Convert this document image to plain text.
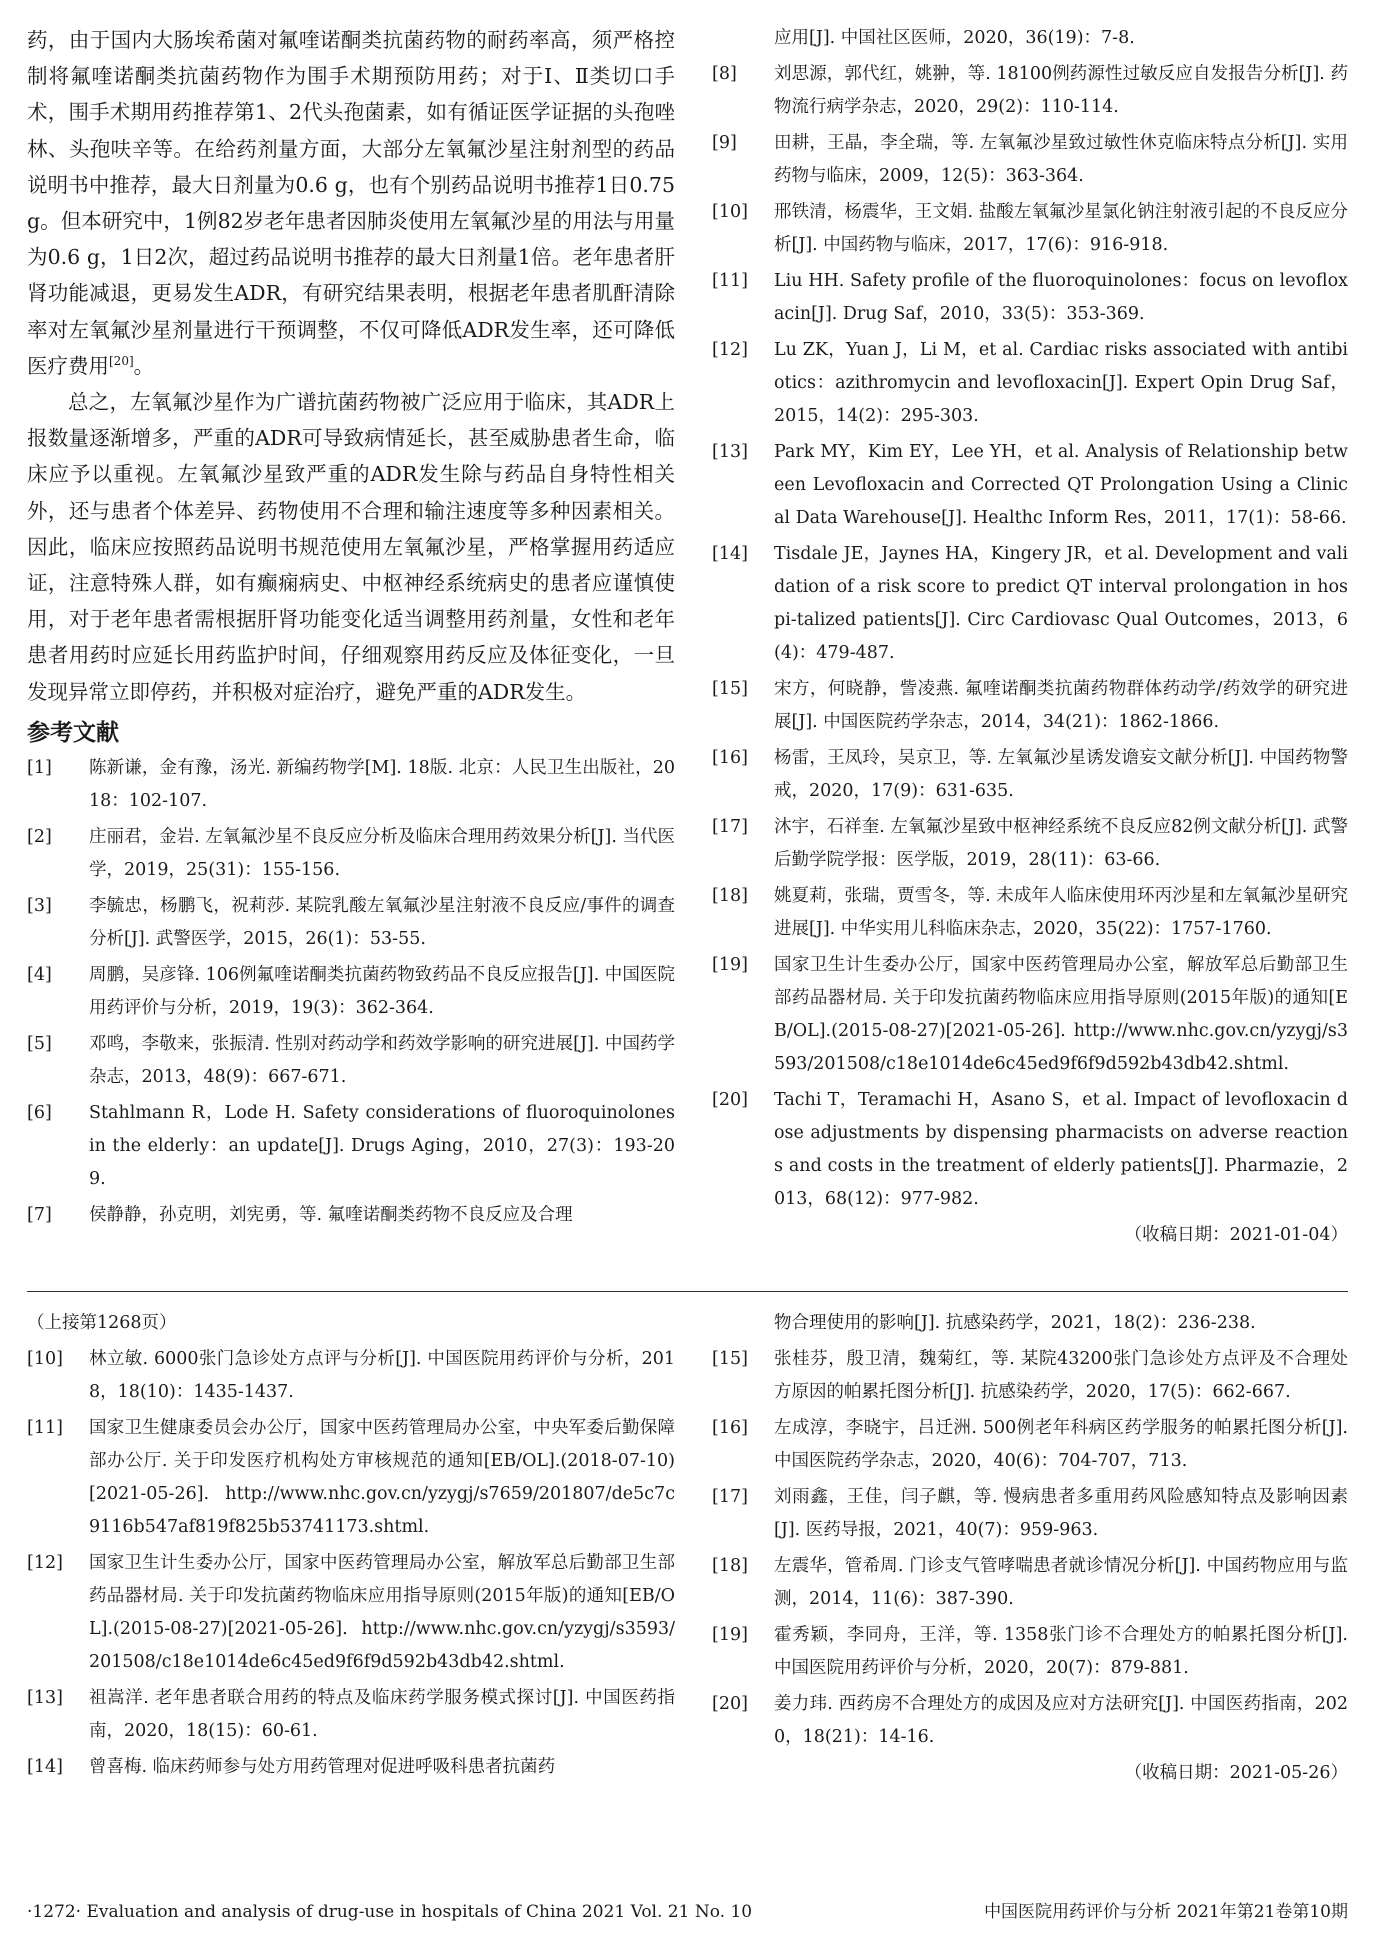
药，由于国内大肠埃希菌对氟喹诺酮类抗菌药物的耐药率高，须严格控制将氟喹诺酮类抗菌药物作为围手术期预防用药；对于Ⅰ、Ⅱ类切口手术，围手术期用药推荐第1、2代头孢菌素，如有循证医学证据的头孢唑林、头孢呋辛等。在给药剂量方面，大部分左氧氟沙星注射剂型的药品说明书中推荐，最大日剂量为0.6 g，也有个别药品说明书推荐1日0.75 g。但本研究中，1例82岁老年患者因肺炎使用左氧氟沙星的用法与用量为0.6 g，1日2次，超过药品说明书推荐的最大日剂量1倍。老年患者肝肾功能减退，更易发生ADR，有研究结果表明，根据老年患者肌酐清除率对左氧氟沙星剂量进行干预调整，不仅可降低ADR发生率，还可降低医疗费用[20]。

总之，左氧氟沙星作为广谱抗菌药物被广泛应用于临床，其ADR上报数量逐渐增多，严重的ADR可导致病情延长，甚至威胁患者生命，临床应予以重视。左氧氟沙星致严重的ADR发生除与药品自身特性相关外，还与患者个体差异、药物使用不合理和输注速度等多种因素相关。因此，临床应按照药品说明书规范使用左氧氟沙星，严格掌握用药适应证，注意特殊人群，如有癫痫病史、中枢神经系统病史的患者应谨慎使用，对于老年患者需根据肝肾功能变化适当调整用药剂量，女性和老年患者用药时应延长用药监护时间，仔细观察用药反应及体征变化，一旦发现异常立即停药，并积极对症治疗，避免严重的ADR发生。

参考文献
[1]	陈新谦，金有豫，汤光. 新编药物学[M]. 18版. 北京：人民卫生出版社，2018：102-107.
[2]	庄丽君，金岩. 左氧氟沙星不良反应分析及临床合理用药效果分析[J]. 当代医学，2019，25(31)：155-156.
[3]	李毓忠，杨鹏飞，祝莉莎. 某院乳酸左氧氟沙星注射液不良反应/事件的调查分析[J]. 武警医学，2015，26(1)：53-55.
[4]	周鹏，吴彦锋. 106例氟喹诺酮类抗菌药物致药品不良反应报告[J]. 中国医院用药评价与分析，2019，19(3)：362-364.
[5]	邓鸣，李敬来，张振清. 性别对药动学和药效学影响的研究进展[J]. 中国药学杂志，2013，48(9)：667-671.
[6]	Stahlmann R，Lode H. Safety considerations of fluoroquinolones in the elderly：an update[J]. Drugs Aging，2010，27(3)：193-209.
[7]	侯静静，孙克明，刘宪勇，等. 氟喹诺酮类药物不良反应及合理
应用[J]. 中国社区医师，2020，36(19)：7-8.
[8]	刘思源，郭代红，姚翀，等. 18100例药源性过敏反应自发报告分析[J]. 药物流行病学杂志，2020，29(2)：110-114.
[9]	田耕，王晶，李全瑞，等. 左氧氟沙星致过敏性休克临床特点分析[J]. 实用药物与临床，2009，12(5)：363-364.
[10]	邢铁清，杨震华，王文娟. 盐酸左氧氟沙星氯化钠注射液引起的不良反应分析[J]. 中国药物与临床，2017，17(6)：916-918.
[11]	Liu HH. Safety profile of the fluoroquinolones：focus on levofloxacin[J]. Drug Saf，2010，33(5)：353-369.
[12]	Lu ZK，Yuan J，Li M，et al. Cardiac risks associated with antibiotics：azithromycin and levofloxacin[J]. Expert Opin Drug Saf，2015，14(2)：295-303.
[13]	Park MY，Kim EY，Lee YH，et al. Analysis of Relationship between Levofloxacin and Corrected QT Prolongation Using a Clinical Data Warehouse[J]. Healthc Inform Res，2011，17(1)：58-66.
[14]	Tisdale JE，Jaynes HA，Kingery JR，et al. Development and validation of a risk score to predict QT interval prolongation in hospi-talized patients[J]. Circ Cardiovasc Qual Outcomes，2013，6(4)：479-487.
[15]	宋方，何晓静，訾凌燕. 氟喹诺酮类抗菌药物群体药动学/药效学的研究进展[J]. 中国医院药学杂志，2014，34(21)：1862-1866.
[16]	杨雷，王凤玲，吴京卫，等. 左氧氟沙星诱发谵妄文献分析[J]. 中国药物警戒，2020，17(9)：631-635.
[17]	沐宇，石祥奎. 左氧氟沙星致中枢神经系统不良反应82例文献分析[J]. 武警后勤学院学报：医学版，2019，28(11)：63-66.
[18]	姚夏莉，张瑞，贾雪冬，等. 未成年人临床使用环丙沙星和左氧氟沙星研究进展[J]. 中华实用儿科临床杂志，2020，35(22)：1757-1760.
[19]	国家卫生计生委办公厅，国家中医药管理局办公室，解放军总后勤部卫生部药品器材局. 关于印发抗菌药物临床应用指导原则(2015年版)的通知[EB/OL].(2015-08-27)[2021-05-26]. http://www.nhc.gov.cn/yzygj/s3593/201508/c18e1014de6c45ed9f6f9d592b43db42.shtml.
[20]	Tachi T，Teramachi H，Asano S，et al. Impact of levofloxacin dose adjustments by dispensing pharmacists on adverse reactions and costs in the treatment of elderly patients[J]. Pharmazie，2013，68(12)：977-982.
（收稿日期：2021-01-04）
（上接第1268页）
[10]	林立敏. 6000张门急诊处方点评与分析[J]. 中国医院用药评价与分析，2018，18(10)：1435-1437.
[11]	国家卫生健康委员会办公厅，国家中医药管理局办公室，中央军委后勤保障部办公厅. 关于印发医疗机构处方审核规范的通知[EB/OL].(2018-07-10)[2021-05-26]. http://www.nhc.gov.cn/yzygj/s7659/201807/de5c7c9116b547af819f825b53741173.shtml.
[12]	国家卫生计生委办公厅，国家中医药管理局办公室，解放军总后勤部卫生部药品器材局. 关于印发抗菌药物临床应用指导原则(2015年版)的通知[EB/OL].(2015-08-27)[2021-05-26]. http://www.nhc.gov.cn/yzygj/s3593/201508/c18e1014de6c45ed9f6f9d592b43db42.shtml.
[13]	祖嵩洋. 老年患者联合用药的特点及临床药学服务模式探讨[J]. 中国医药指南，2020，18(15)：60-61.
[14]	曾喜梅. 临床药师参与处方用药管理对促进呼吸科患者抗菌药
物合理使用的影响[J]. 抗感染药学，2021，18(2)：236-238.
[15]	张桂芬，殷卫清，魏菊红，等. 某院43200张门急诊处方点评及不合理处方原因的帕累托图分析[J]. 抗感染药学，2020，17(5)：662-667.
[16]	左成淳，李晓宇，吕迁洲. 500例老年科病区药学服务的帕累托图分析[J]. 中国医院药学杂志，2020，40(6)：704-707，713.
[17]	刘雨鑫，王佳，闫子麒，等. 慢病患者多重用药风险感知特点及影响因素[J]. 医药导报，2021，40(7)：959-963.
[18]	左震华，管希周. 门诊支气管哮喘患者就诊情况分析[J]. 中国药物应用与监测，2014，11(6)：387-390.
[19]	霍秀颖，李同舟，王洋，等. 1358张门诊不合理处方的帕累托图分析[J]. 中国医院用药评价与分析，2020，20(7)：879-881.
[20]	姜力玮. 西药房不合理处方的成因及应对方法研究[J]. 中国医药指南，2020，18(21)：14-16.
（收稿日期：2021-05-26）
·1272· Evaluation and analysis of drug-use in hospitals of China 2021 Vol. 21 No. 10	中国医院用药评价与分析 2021年第21卷第10期
